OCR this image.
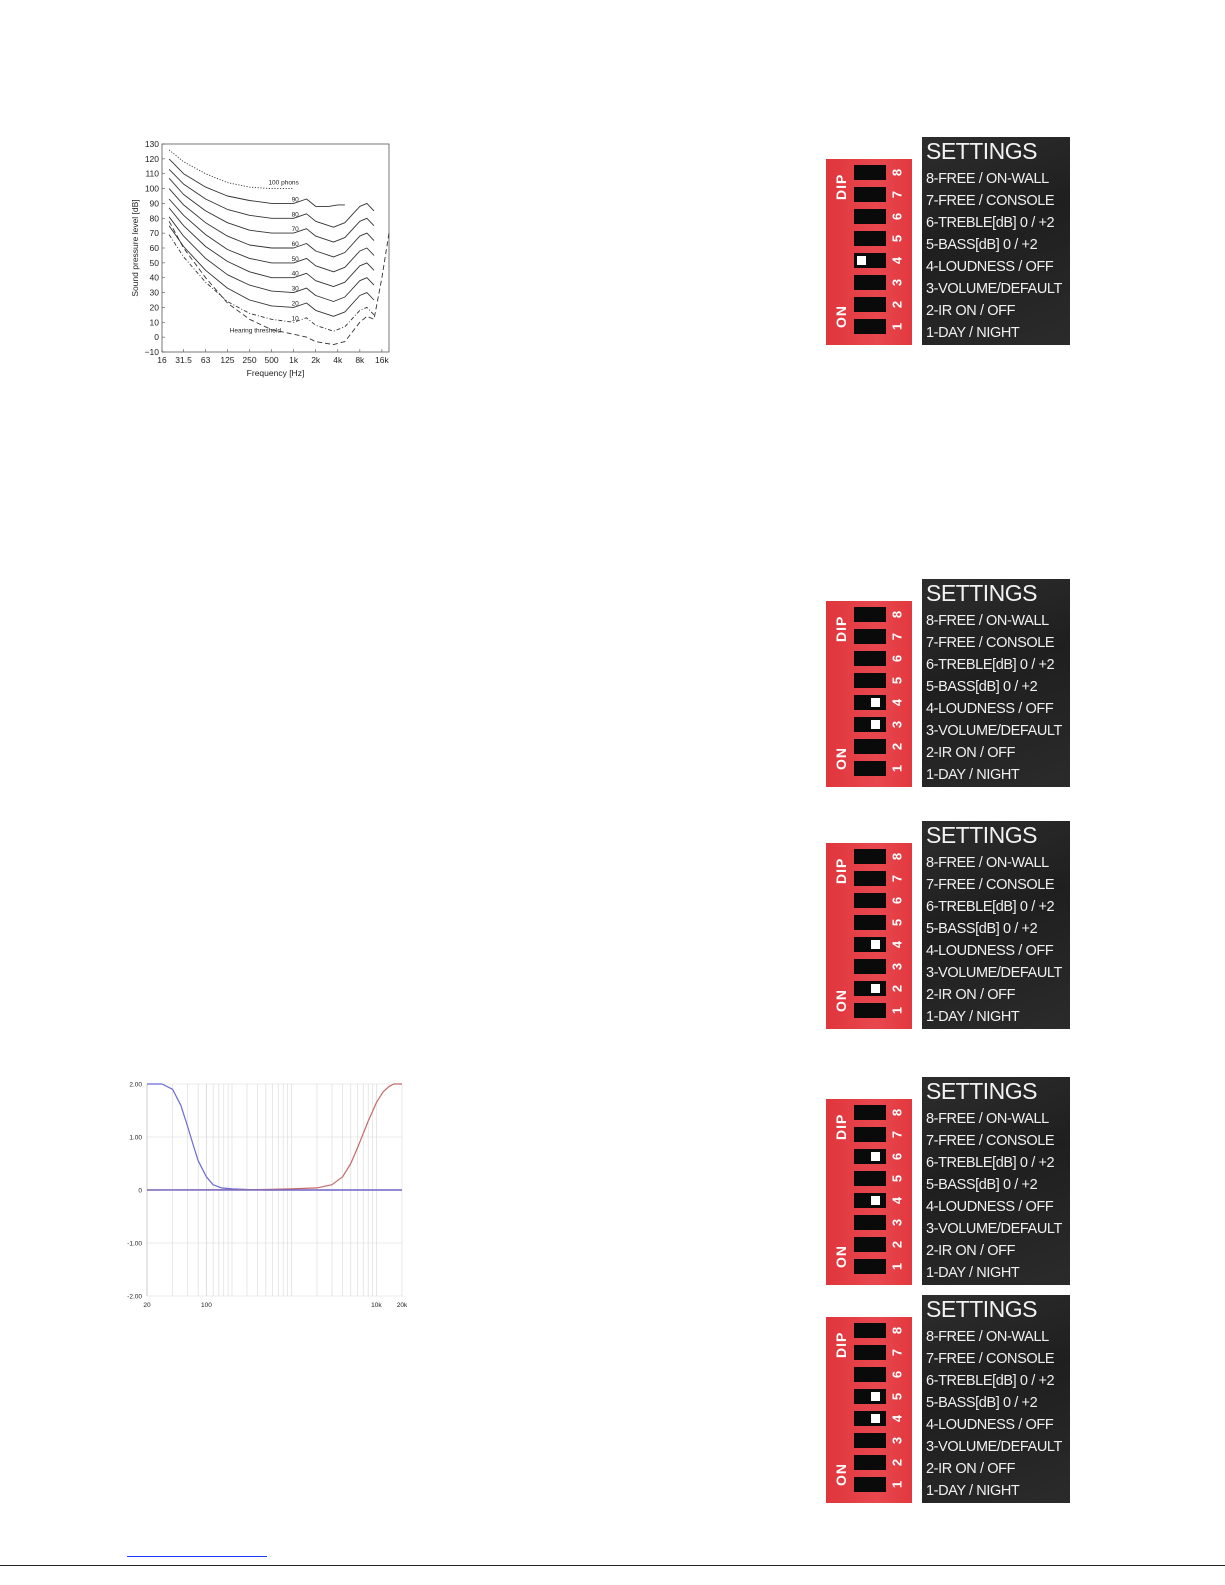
130
120
110
100
90
80
70
60
50
40
30
20
10
0
−10
16 31.5 63 125 250 500 1k 2k 4k 8k 16k
Frequency [Hz]
Sound pressure level [dB]
100 phons
90
80
70
60
50
40
30
20
10
Hearing threshold
2.00
1.00
0
-1.00
-2.00
20	100	10k 20k
DIP
ON
8
7
6
5
4
3
2
1
SETTINGS
8-FREE / ON-WALL
7-FREE / CONSOLE
6-TREBLE[dB] 0 / +2
5-BASS[dB] 0 / +2
4-LOUDNESS / OFF
3-VOLUME/DEFAULT
2-IR ON / OFF
1-DAY / NIGHT
DIP
ON
8
7
6
5
4
3
2
1
SETTINGS
8-FREE / ON-WALL
7-FREE / CONSOLE
6-TREBLE[dB] 0 / +2
5-BASS[dB] 0 / +2
4-LOUDNESS / OFF
3-VOLUME/DEFAULT
2-IR ON / OFF
1-DAY / NIGHT
DIP
ON
8
7
6
5
4
3
2
1
SETTINGS
8-FREE / ON-WALL
7-FREE / CONSOLE
6-TREBLE[dB] 0 / +2
5-BASS[dB] 0 / +2
4-LOUDNESS / OFF
3-VOLUME/DEFAULT
2-IR ON / OFF
1-DAY / NIGHT
DIP
ON
8
7
6
5
4
3
2
1
SETTINGS
8-FREE / ON-WALL
7-FREE / CONSOLE
6-TREBLE[dB] 0 / +2
5-BASS[dB] 0 / +2
4-LOUDNESS / OFF
3-VOLUME/DEFAULT
2-IR ON / OFF
1-DAY / NIGHT
DIP
ON
8
7
6
5
4
3
2
1
SETTINGS
8-FREE / ON-WALL
7-FREE / CONSOLE
6-TREBLE[dB] 0 / +2
5-BASS[dB] 0 / +2
4-LOUDNESS / OFF
3-VOLUME/DEFAULT
2-IR ON / OFF
1-DAY / NIGHT
